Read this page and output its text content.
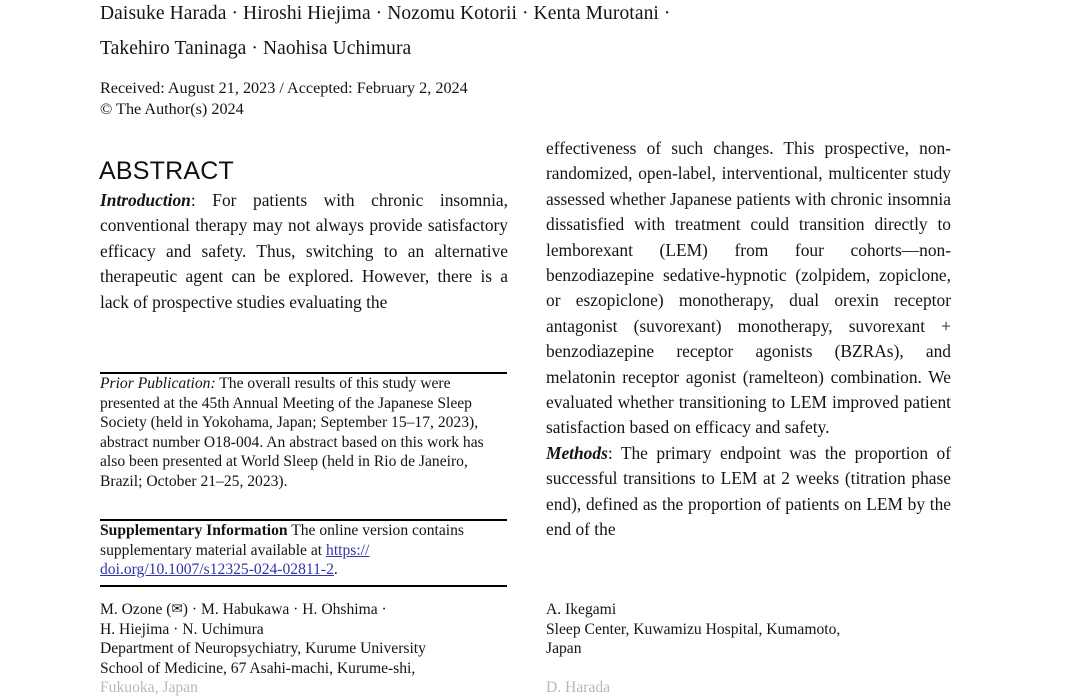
Daisuke Harada · Hiroshi Hiejima · Nozomu Kotorii · Kenta Murotani ·
Takehiro Taninaga · Naohisa Uchimura
Received: August 21, 2023 / Accepted: February 2, 2024
© The Author(s) 2024
ABSTRACT

Introduction: For patients with chronic insomnia, conventional therapy may not always provide satisfactory efficacy and safety. Thus, switching to an alternative therapeutic agent can be explored. However, there is a lack of prospective studies evaluating the

effectiveness of such changes. This prospective, non-randomized, open-label, interventional, multicenter study assessed whether Japanese patients with chronic insomnia dissatisfied with treatment could transition directly to lemborexant (LEM) from four cohorts—non-benzodiazepine sedative-hypnotic (zolpidem, zopiclone, or eszopiclone) monotherapy, dual orexin receptor antagonist (suvorexant) monotherapy, suvorexant + benzodiazepine receptor agonists (BZRAs), and melatonin receptor agonist (ramelteon) combination. We evaluated whether transitioning to LEM improved patient satisfaction based on efficacy and safety.

Methods: The primary endpoint was the proportion of successful transitions to LEM at 2 weeks (titration phase end), defined as the proportion of patients on LEM by the end of the

Prior Publication: The overall results of this study were presented at the 45th Annual Meeting of the Japanese Sleep Society (held in Yokohama, Japan; September 15–17, 2023), abstract number O18-004. An abstract based on this work has also been presented at World Sleep (held in Rio de Janeiro, Brazil; October 21–25, 2023).
Supplementary Information The online version contains supplementary material available at https:// doi.org/10.1007/s12325-024-02811-2.
M. Ozone (✉) · M. Habukawa · H. Ohshima ·
H. Hiejima · N. Uchimura
Department of Neuropsychiatry, Kurume University
School of Medicine, 67 Asahi-machi, Kurume-shi,
Fukuoka, Japan
A. Ikegami
Sleep Center, Kuwamizu Hospital, Kumamoto,
Japan
D. Harada
